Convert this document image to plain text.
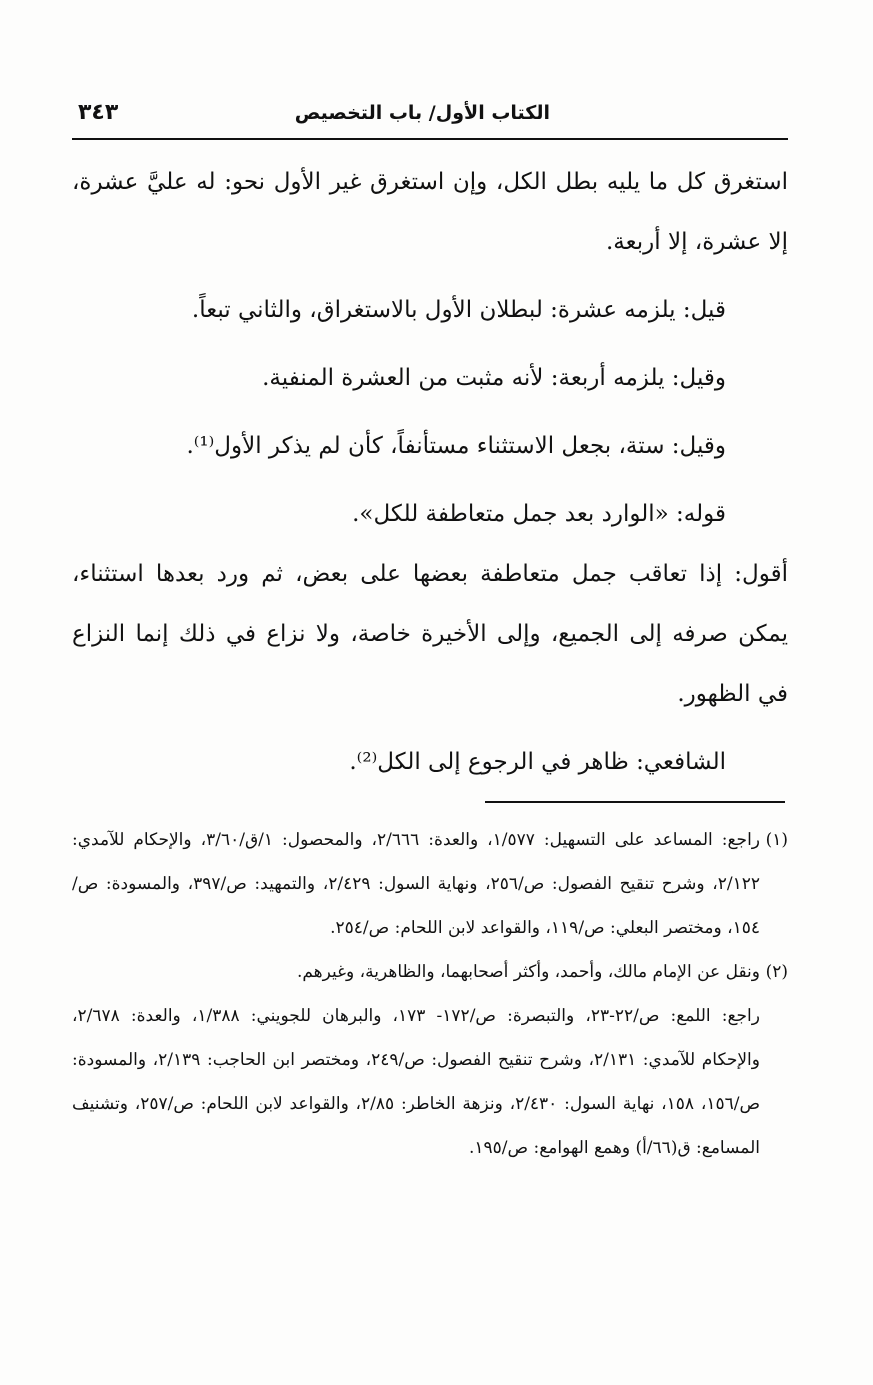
الكتاب الأول/ باب التخصيص
٣٤٣

استغرق كل ما يليه بطل الكل، وإن استغرق غير الأول نحو: له عليَّ عشرة، إلا عشرة، إلا أربعة.

قيل: يلزمه عشرة: لبطلان الأول بالاستغراق، والثاني تبعاً.

وقيل: يلزمه أربعة: لأنه مثبت من العشرة المنفية.

وقيل: ستة، بجعل الاستثناء مستأنفاً، كأن لم يذكر الأول⁽¹⁾.

قوله: «الوارد بعد جمل متعاطفة للكل».

أقول: إذا تعاقب جمل متعاطفة بعضها على بعض، ثم ورد بعدها استثناء، يمكن صرفه إلى الجميع، وإلى الأخيرة خاصة، ولا نزاع في ذلك إنما النزاع في الظهور.

الشافعي: ظاهر في الرجوع إلى الكل⁽²⁾.

(١)
راجع: المساعد على التسهيل: ١/٥٧٧، والعدة: ٢/٦٦٦، والمحصول: ١/ق/٣/٦٠، والإحكام للآمدي: ٢/١٢٢، وشرح تنقيح الفصول: ص/٢٥٦، ونهاية السول: ٢/٤٢٩، والتمهيد: ص/٣٩٧، والمسودة: ص/١٥٤، ومختصر البعلي: ص/١١٩، والقواعد لابن اللحام: ص/٢٥٤.
(٢)
ونقل عن الإمام مالك، وأحمد، وأكثر أصحابهما، والظاهرية، وغيرهم.

راجع: اللمع: ص/٢٢-٢٣، والتبصرة: ص/١٧٢- ١٧٣، والبرهان للجويني: ١/٣٨٨، والعدة: ٢/٦٧٨، والإحكام للآمدي: ٢/١٣١، وشرح تنقيح الفصول: ص/٢٤٩، ومختصر ابن الحاجب: ٢/١٣٩، والمسودة: ص/١٥٦، ١٥٨، نهاية السول: ٢/٤٣٠، ونزهة الخاطر: ٢/٨٥، والقواعد لابن اللحام: ص/٢٥٧، وتشنيف المسامع: ق(٦٦/أ) وهمع الهوامع: ص/١٩٥.
